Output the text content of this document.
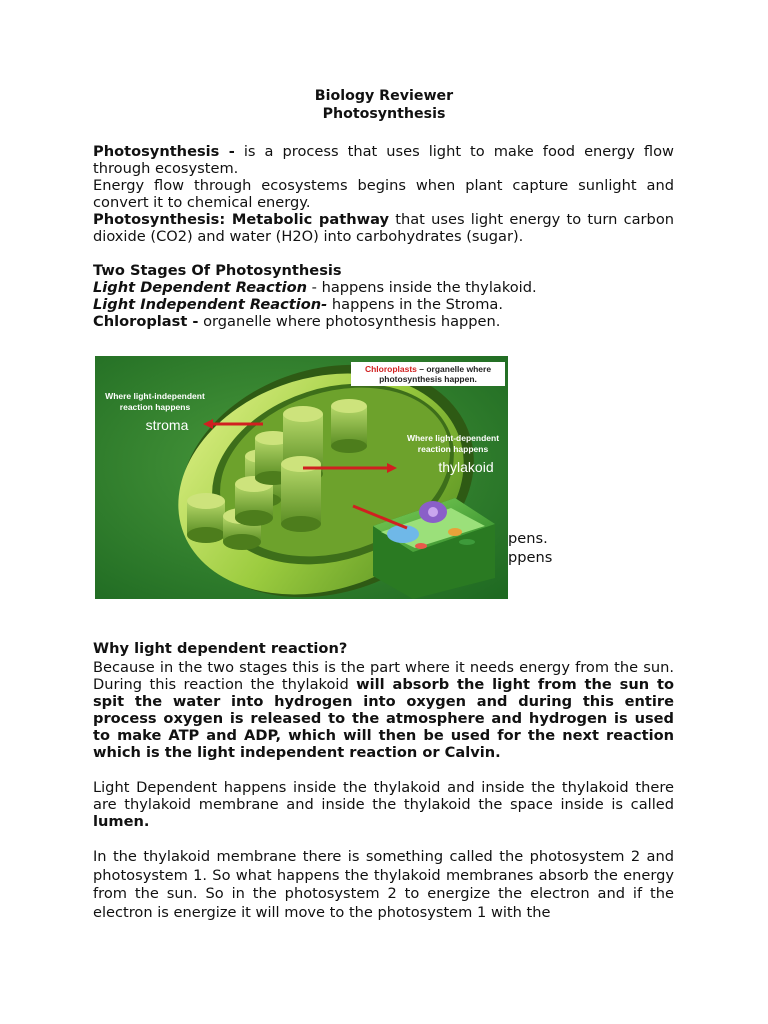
Biology Reviewer
Photosynthesis
Photosynthesis - is a process that uses light to make food energy flow through ecosystem.
Energy flow through ecosystems begins when plant capture sunlight and convert it to chemical energy.
Photosynthesis: Metabolic pathway that uses light energy to turn carbon dioxide (CO2) and water (H2O) into carbohydrates (sugar).
Two Stages Of Photosynthesis
Light Dependent Reaction - happens inside the thylakoid.
Light Independent Reaction- happens in the Stroma.
Chloroplast - organelle where photosynthesis happen.
pens.
ppens
Chloroplasts – organelle where
photosynthesis happen.
Where light-independent
reaction happens
stroma
Where light-dependent
reaction happens
thylakoid
Why light dependent reaction?
Because in the two stages this is the part where it needs energy from the sun. During this reaction the thylakoid will absorb the light from the sun to spit the water into hydrogen into oxygen and during this entire process oxygen is released to the atmosphere and hydrogen is used to make ATP and ADP, which will then be used for the next reaction which is the light independent reaction or Calvin.
Light Dependent happens inside the thylakoid and inside the thylakoid there are thylakoid membrane and inside the thylakoid the space inside is called lumen.
In the thylakoid membrane there is something called the photosystem 2 and photosystem 1. So what happens the thylakoid membranes absorb the energy from the sun. So in the photosystem 2 to energize the electron and if the electron is energize it will move to the photosystem 1 with the
